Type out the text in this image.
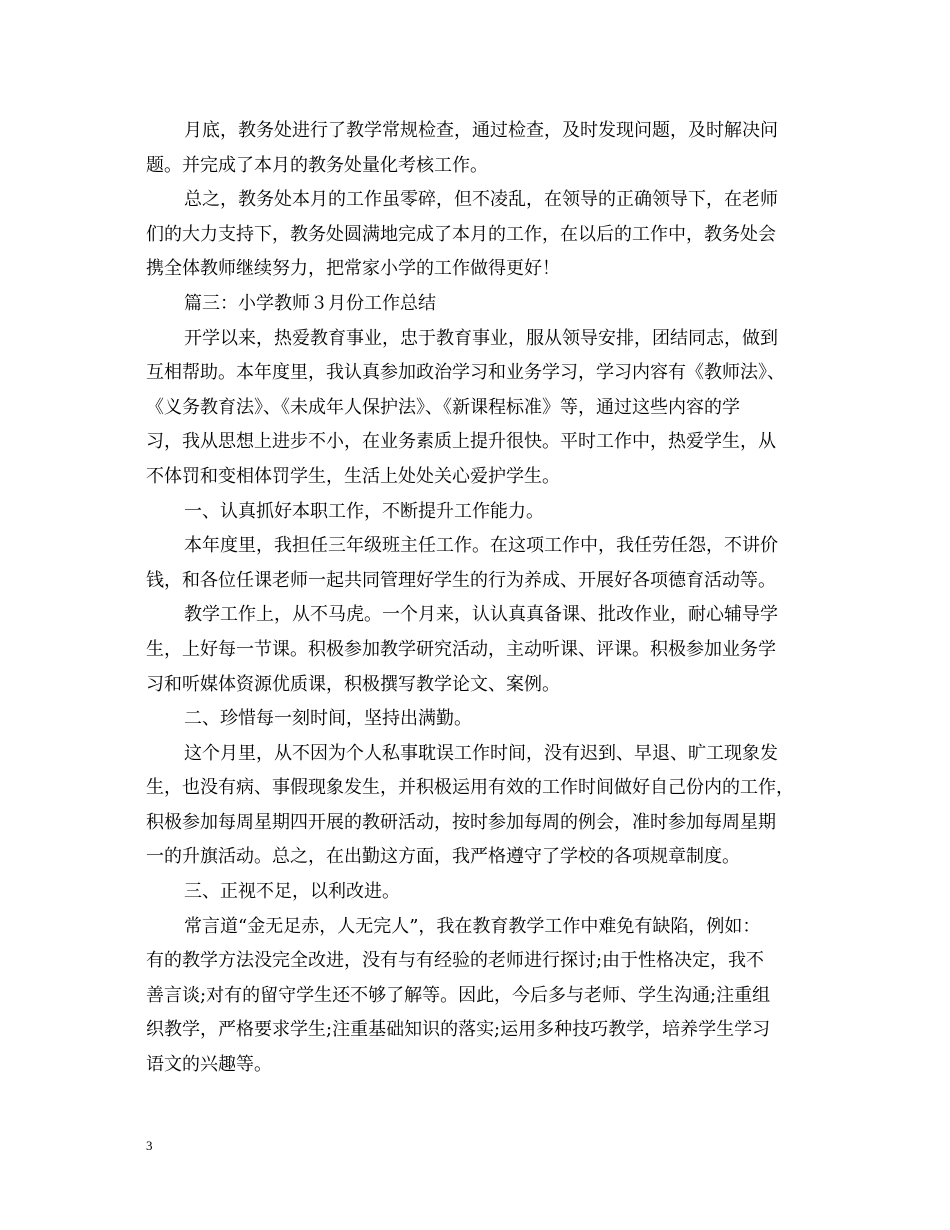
月底，教务处进行了教学常规检查，通过检查，及时发现问题，及时解决问
题。并完成了本月的教务处量化考核工作。
总之，教务处本月的工作虽零碎，但不凌乱，在领导的正确领导下，在老师
们的大力支持下，教务处圆满地完成了本月的工作，在以后的工作中，教务处会
携全体教师继续努力，把常家小学的工作做得更好！
篇三：小学教师３月份工作总结
开学以来，热爱教育事业，忠于教育事业，服从领导安排，团结同志，做到
互相帮助。本年度里，我认真参加政治学习和业务学习，学习内容有《教师法》、
《义务教育法》、《未成年人保护法》、《新课程标准》等，通过这些内容的学
习，我从思想上进步不小，在业务素质上提升很快。平时工作中，热爱学生，从
不体罚和变相体罚学生，生活上处处关心爱护学生。
一、认真抓好本职工作，不断提升工作能力。
本年度里，我担任三年级班主任工作。在这项工作中，我任劳任怨，不讲价
钱，和各位任课老师一起共同管理好学生的行为养成、开展好各项德育活动等。
教学工作上，从不马虎。一个月来，认认真真备课、批改作业，耐心辅导学
生，上好每一节课。积极参加教学研究活动，主动听课、评课。积极参加业务学
习和听媒体资源优质课，积极撰写教学论文、案例。
二、珍惜每一刻时间，坚持出满勤。
这个月里，从不因为个人私事耽误工作时间，没有迟到、早退、旷工现象发
生，也没有病、事假现象发生，并积极运用有效的工作时间做好自己份内的工作，
积极参加每周星期四开展的教研活动，按时参加每周的例会，准时参加每周星期
一的升旗活动。总之，在出勤这方面，我严格遵守了学校的各项规章制度。
三、正视不足，以利改进。
常言道“金无足赤，人无完人”，我在教育教学工作中难免有缺陷，例如：
有的教学方法没完全改进，没有与有经验的老师进行探讨;由于性格决定，我不
善言谈;对有的留守学生还不够了解等。因此，今后多与老师、学生沟通;注重组
织教学，严格要求学生;注重基础知识的落实;运用多种技巧教学，培养学生学习
语文的兴趣等。
3
